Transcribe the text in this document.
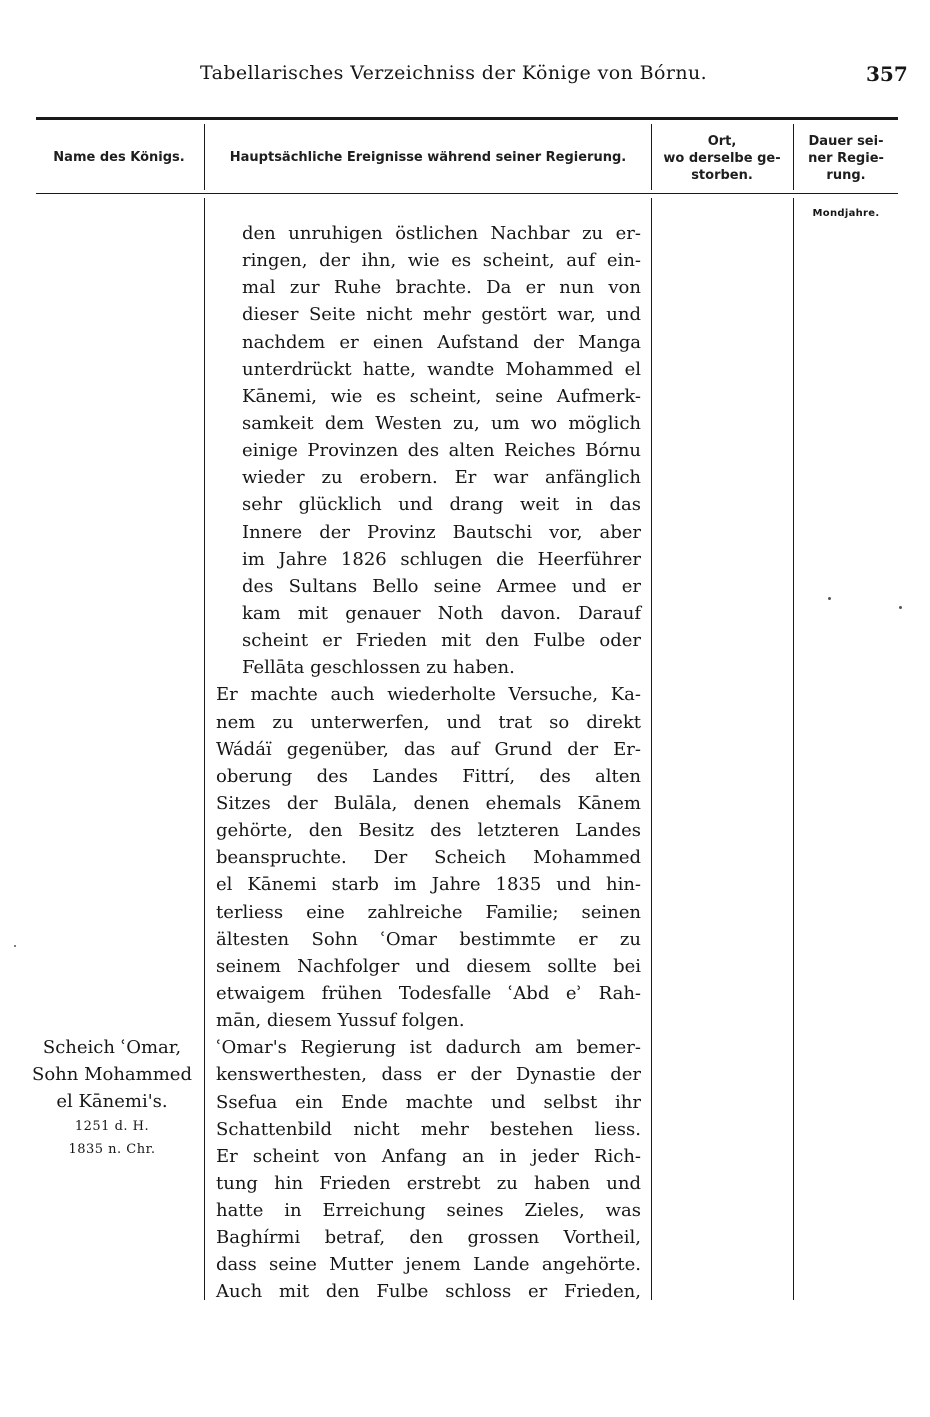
Tabellarisches Verzeichniss der Könige von Bórnu.	357
Name des Königs.	Hauptsächliche Ereignisse während seiner Regierung.
Ort,
wo derselbe ge-
storben.
Dauer sei-
ner Regie-
rung.
Mondjahre.
den unruhigen östlichen Nachbar zu er-
ringen, der ihn, wie es scheint, auf ein-
mal zur Ruhe brachte. Da er nun von
dieser Seite nicht mehr gestört war, und
nachdem er einen Aufstand der Manga
unterdrückt hatte, wandte Mohammed el
Kānemi, wie es scheint, seine Aufmerk-
samkeit dem Westen zu, um wo möglich
einige Provinzen des alten Reiches Bórnu
wieder zu erobern. Er war anfänglich
sehr glücklich und drang weit in das
Innere der Provinz Bautschi vor, aber
im Jahre 1826 schlugen die Heerführer
des Sultans Bello seine Armee und er
kam mit genauer Noth davon. Darauf
scheint er Frieden mit den Fulbe oder
Fellāta geschlossen zu haben.
Er machte auch wiederholte Versuche, Ka-
nem zu unterwerfen, und trat so direkt
Wádáï gegenüber, das auf Grund der Er-
oberung des Landes Fittrí, des alten
Sitzes der Bulāla, denen ehemals Kānem
gehörte, den Besitz des letzteren Landes
beanspruchte. Der Scheich Mohammed
el Kānemi starb im Jahre 1835 und hin-
terliess eine zahlreiche Familie; seinen
ältesten Sohn ʿOmar bestimmte er zu
seinem Nachfolger und diesem sollte bei
etwaigem frühen Todesfalle ʿAbd eʾ Rah-
mān, diesem Yussuf folgen.
ʿOmar's Regierung ist dadurch am bemer-
kenswerthesten, dass er der Dynastie der
Ssefua ein Ende machte und selbst ihr
Schattenbild nicht mehr bestehen liess.
Er scheint von Anfang an in jeder Rich-
tung hin Frieden erstrebt zu haben und
hatte in Erreichung seines Zieles, was
Baghírmi betraf, den grossen Vortheil,
dass seine Mutter jenem Lande angehörte.
Auch mit den Fulbe schloss er Frieden,
Scheich ʿOmar,
Sohn Mohammed
el Kānemi's.
1251 d. H.
1835 n. Chr.
